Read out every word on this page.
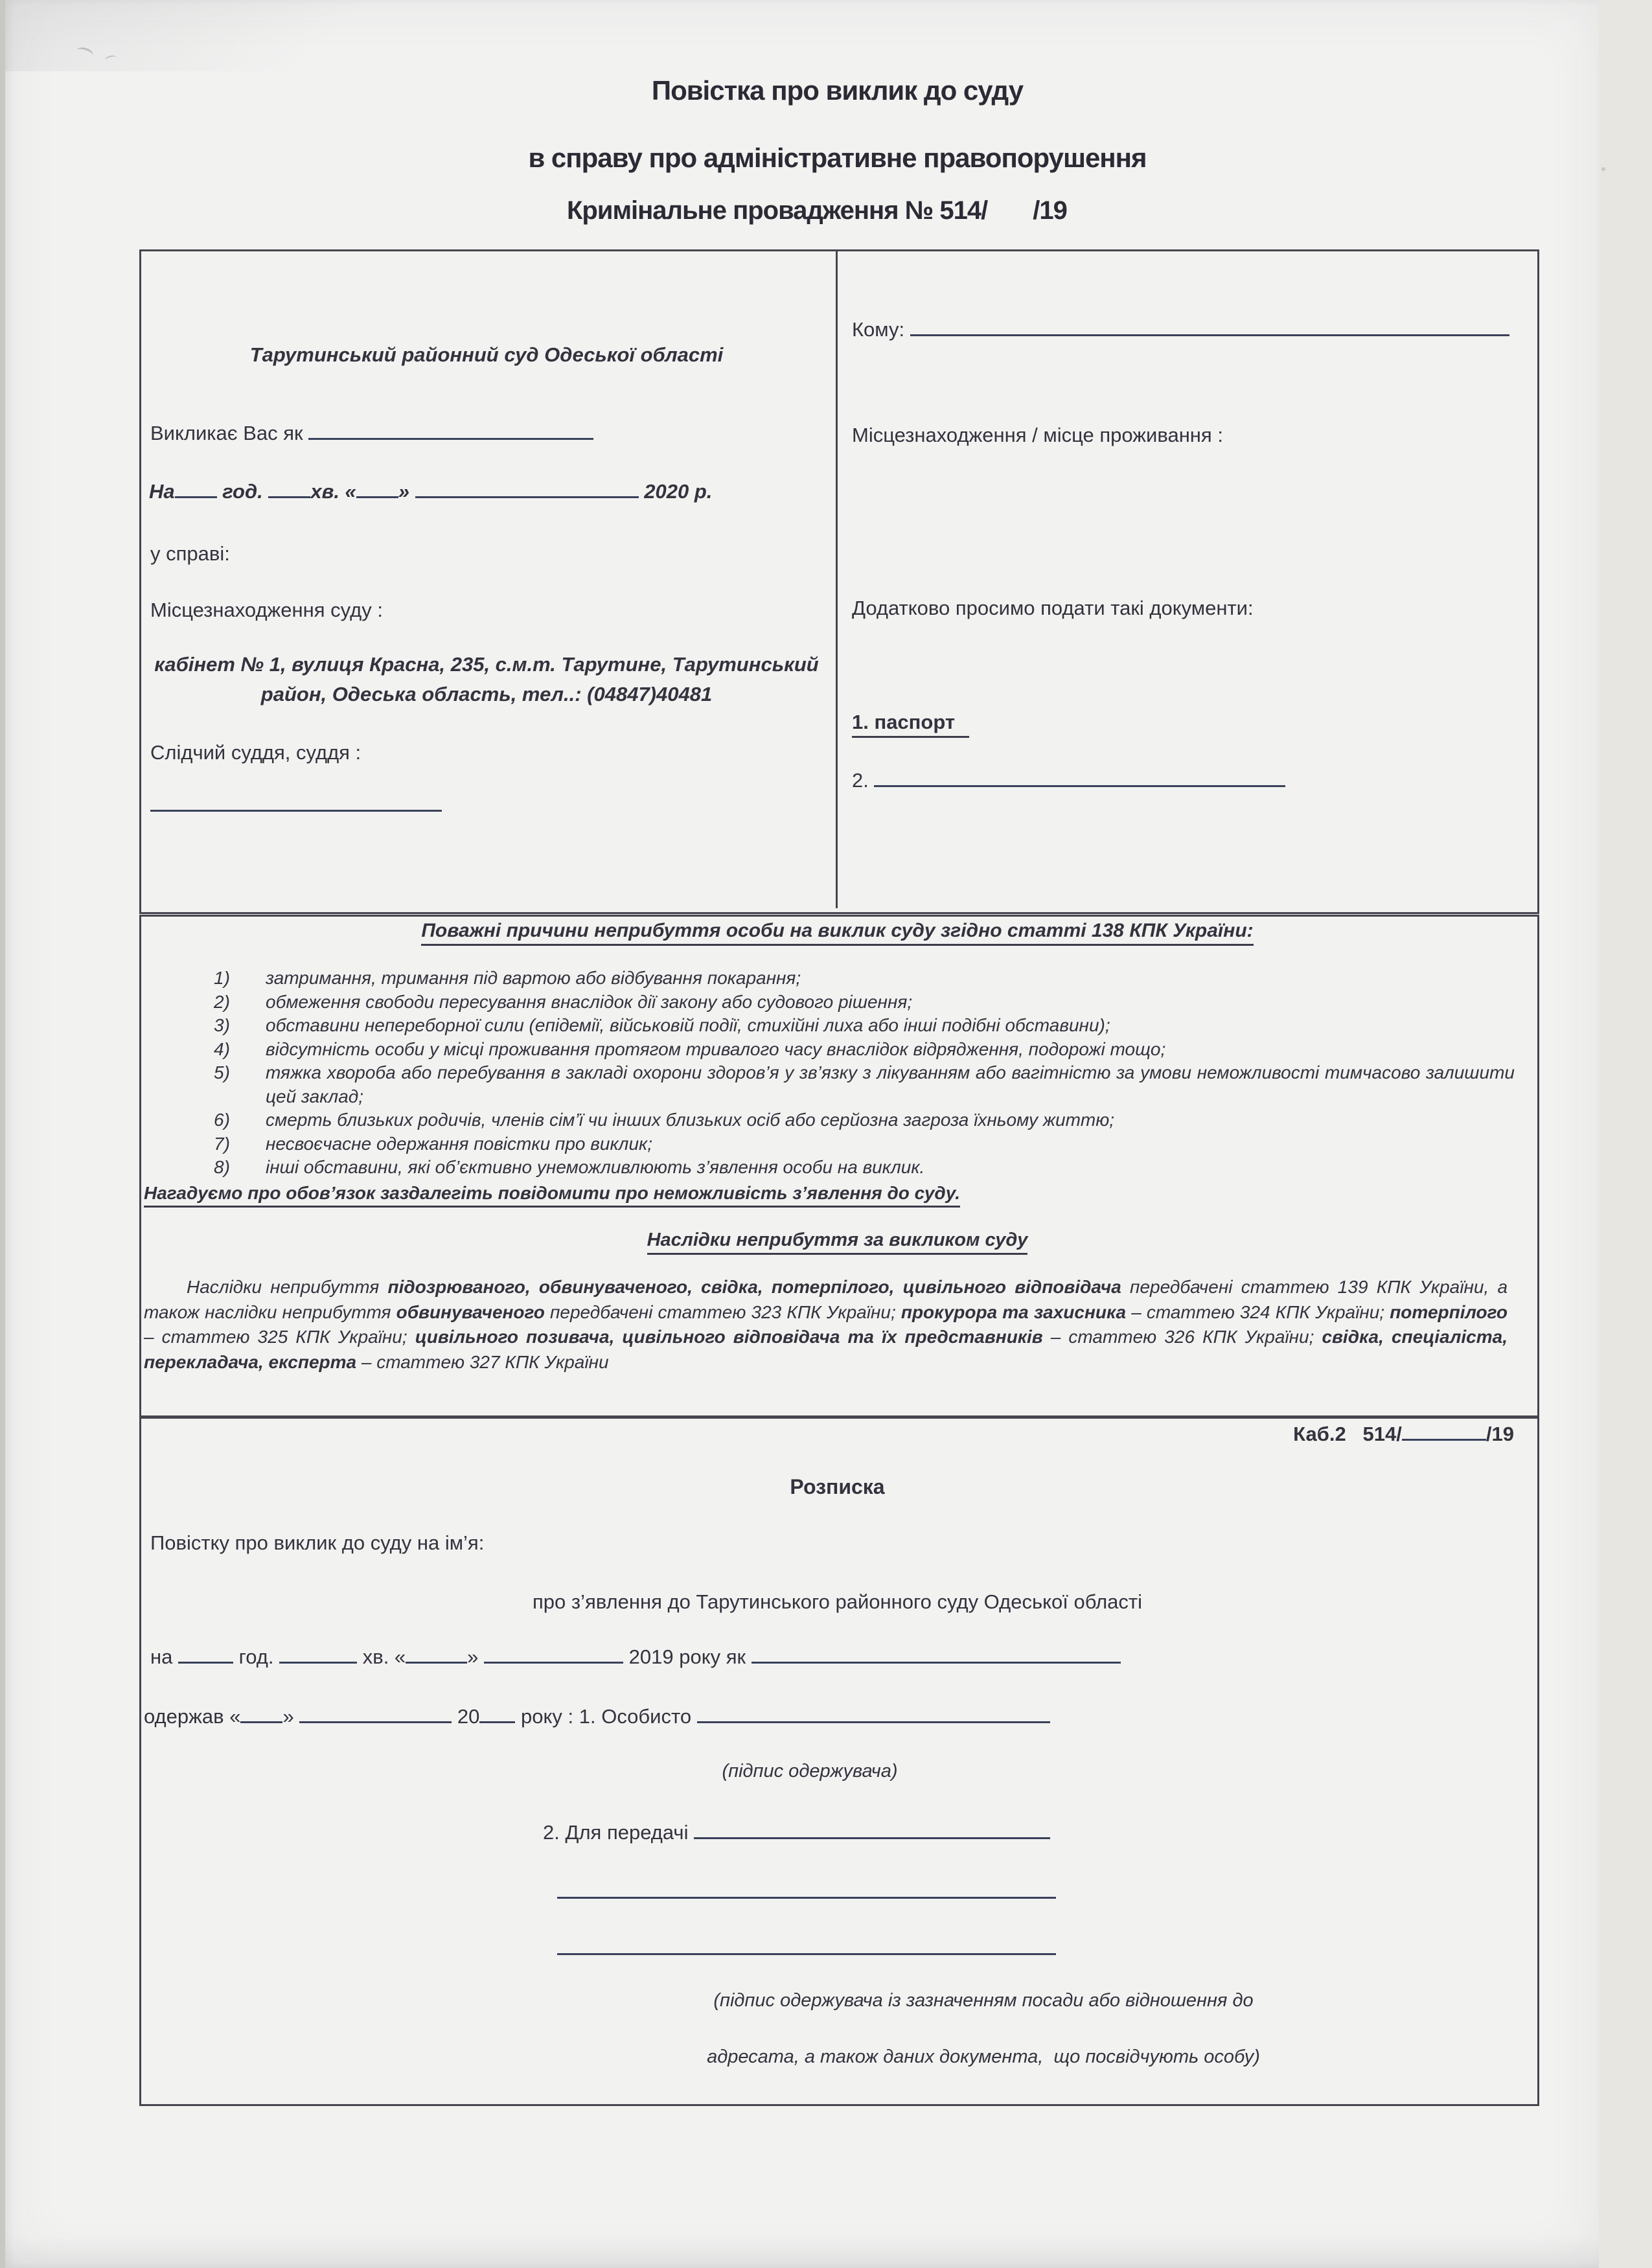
Повістка про виклик до суду
в справу про адміністративне правопорушення
Кримінальне провадження № 514/ /19
Тарутинський районний суд Одеської області
Викликає Вас як
На год. хв. « »	2020 р.
у справі:
Місцезнаходження суду :
кабінет № 1, вулиця Красна, 235, с.м.т. Тарутине, Тарутинський
район, Одеська область, тел..: (04847)40481
Слідчий суддя, суддя :
Кому:
Місцезнаходження / місце проживання :
Додатково просимо подати такі документи:
1. паспорт
2.
Поважні причини неприбуття особи на виклик суду згідно статті 138 КПК України:
1)	затримання, тримання під вартою або відбування покарання;
2)	обмеження свободи пересування внаслідок дії закону або судового рішення;
3)	обставини непереборної сили (епідемії, військовій події, стихійні лиха або інші подібні обставини);
4)	відсутність особи у місці проживання протягом тривалого часу внаслідок відрядження, подорожі тощо;
5)	тяжка хвороба або перебування в закладі охорони здоров’я у зв’язку з лікуванням або вагітністю за умови неможливості тимчасово залишити цей заклад;
6)	смерть близьких родичів, членів сім’ї чи інших близьких осіб або серйозна загроза їхньому життю;
7)	несвоєчасне одержання повістки про виклик;
8)	інші обставини, які об’єктивно унеможливлюють з’явлення особи на виклик.
Нагадуємо про обов’язок заздалегіть повідомити про неможливість з’явлення до суду.
Наслідки неприбуття за викликом суду
Наслідки неприбуття підозрюваного, обвинуваченого, свідка, потерпілого, цивільного відповідача передбачені статтею 139 КПК України, а також наслідки неприбуття обвинуваченого передбачені статтею 323 КПК України; прокурора та захисника – статтею 324 КПК України; потерпілого – статтею 325 КПК України; цивільного позивача, цивільного відповідача та їх представників – статтею 326 КПК України; свідка, спеціаліста, перекладача, експерта – статтею 327 КПК України
Каб.2   514/	/19
Розписка
Повістку про виклик до суду на ім’я:
про з’явлення до Тарутинського районного суду Одеської області
на	год.	хв. «	»	2019 року як
одержав « »	20 року : 1. Особисто
(підпис одержувача)
2. Для передачі
(підпис одержувача із зазначенням посади або відношення до
адресата, а також даних документа,  що посвідчують особу)
